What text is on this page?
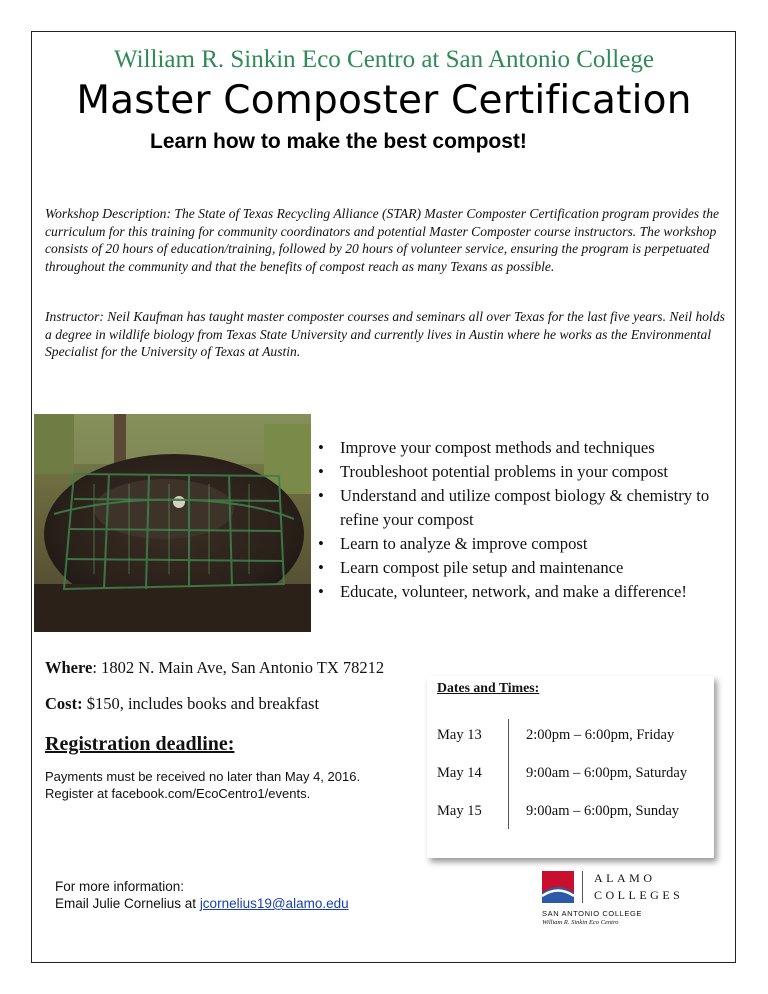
William R. Sinkin Eco Centro at San Antonio College
Master Composter Certification
Learn how to make the best compost!
Workshop Description: The State of Texas Recycling Alliance (STAR) Master Composter Certification program provides the curriculum for this training for community coordinators and potential Master Composter course instructors. The workshop consists of 20 hours of education/training, followed by 20 hours of volunteer service, ensuring the program is perpetuated throughout the community and that the benefits of compost reach as many Texans as possible.
Instructor: Neil Kaufman has taught master composter courses and seminars all over Texas for the last five years. Neil holds a degree in wildlife biology from Texas State University and currently lives in Austin where he works as the Environmental Specialist for the University of Texas at Austin.
• Improve your compost methods and techniques
• Troubleshoot potential problems in your compost
• Understand and utilize compost biology & chemistry to refine your compost
• Learn to analyze & improve compost
• Learn compost pile setup and maintenance
• Educate, volunteer, network, and make a difference!
Where: 1802 N. Main Ave, San Antonio TX 78212
Cost: $150, includes books and breakfast
Registration deadline:
Payments must be received no later than May 4, 2016.
Register at facebook.com/EcoCentro1/events.
Dates and Times:
May 13	2:00pm – 6:00pm, Friday
May 14	9:00am – 6:00pm, Saturday
May 15	9:00am – 6:00pm, Sunday
For more information:
Email Julie Cornelius at jcornelius19@alamo.edu
ALAMO
COLLEGES
SAN ANTONIO COLLEGE
William R. Sinkin Eco Centro
